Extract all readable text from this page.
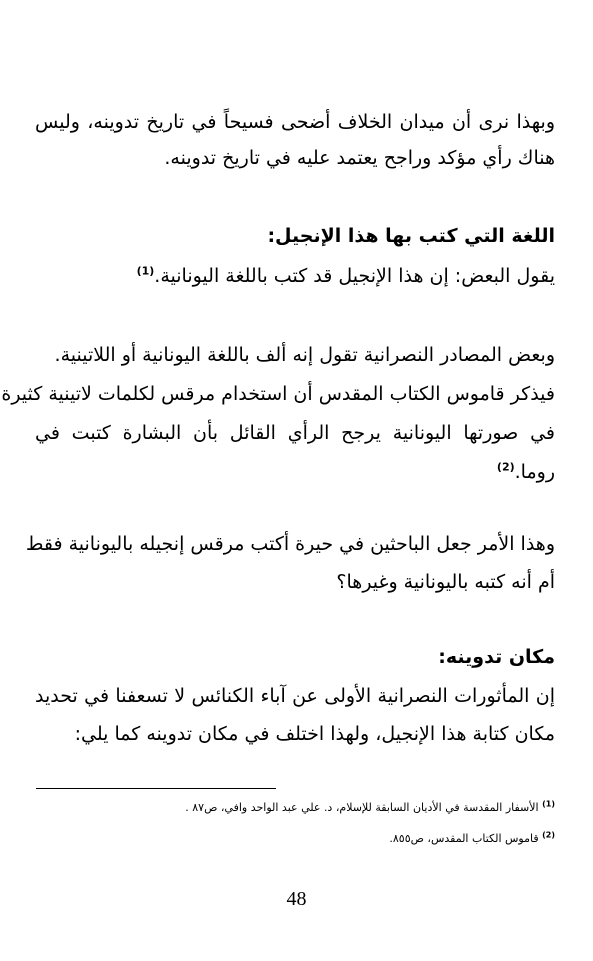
وبهذا نرى أن ميدان الخلاف أضحى فسيحاً في تاريخ تدوينه، وليس
هناك رأي مؤكد وراجح يعتمد عليه في تاريخ تدوينه.
اللغة التي كتب بها هذا الإنجيل:
يقول البعض: إن هذا الإنجيل قد كتب باللغة اليونانية.$^{(1)}$
وبعض المصادر النصرانية تقول إنه ألف باللغة اليونانية أو اللاتينية.
فيذكر قاموس الكتاب المقدس أن استخدام مرقس لكلمات لاتينية كثيرة
في صورتها اليونانية يرجح الرأي القائل بأن البشارة كتبت في
روما.$^{(2)}$
وهذا الأمر جعل الباحثين في حيرة أكتب مرقس إنجيله باليونانية فقط
أم أنه كتبه باليونانية وغيرها؟
مكان تدوينه:
إن المأثورات النصرانية الأولى عن آباء الكنائس لا تسعفنا في تحديد
مكان كتابة هذا الإنجيل، ولهذا اختلف في مكان تدوينه كما يلي:
$^{(1)}$ الأسفار المقدسة في الأديان السابقة للإسلام، د. علي عبد الواحد وافي، ص٨٧ .
$^{(2)}$ قاموس الكتاب المقدس، ص٨٥٥.
48
